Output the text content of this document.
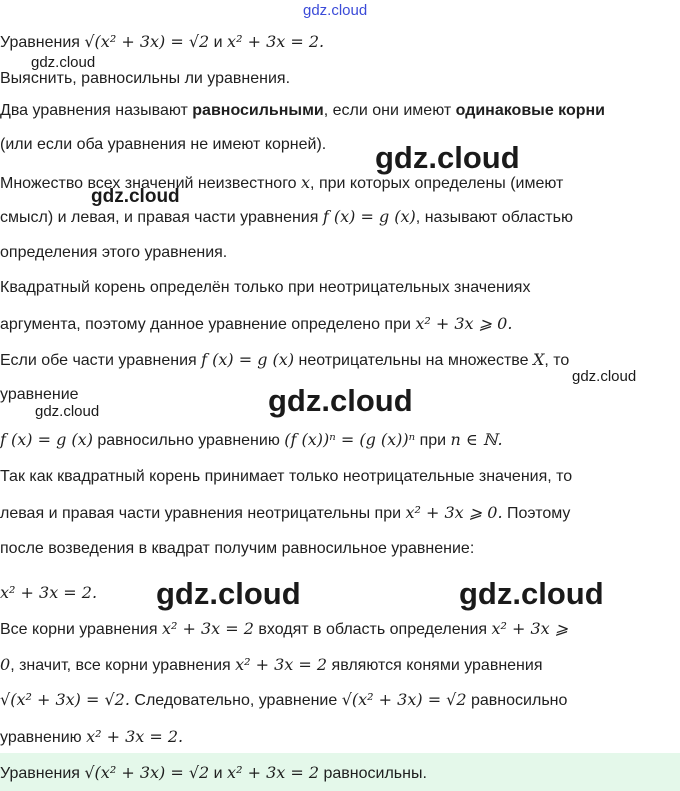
gdz.cloud
Уравнения √(x² + 3x) = √2 и x² + 3x = 2.
gdz.cloud
Выяснить, равносильны ли уравнения.
Два уравнения называют равносильными, если они имеют одинаковые корни
(или если оба уравнения не имеют корней). gdz.cloud
Множество всех значений неизвестного x, при которых определены (имеют
gdz.cloud
смысл) и левая, и правая части уравнения f (x) = g (x), называют областью
определения этого уравнения.
Квадратный корень определён только при неотрицательных значениях
аргумента, поэтому данное уравнение определено при x² + 3x ⩾ 0.
Если обе части уравнения f (x) = g (x) неотрицательны на множестве X, то
gdz.cloud
уравнение	gdz.cloud
gdz.cloud
f (x) = g (x) равносильно уравнению (f (x))ⁿ = (g (x))ⁿ при n ∈ ℕ.
Так как квадратный корень принимает только неотрицательные значения, то
левая и правая части уравнения неотрицательны при x² + 3x ⩾ 0. Поэтому
после возведения в квадрат получим равносильное уравнение:
x² + 3x = 2. gdz.cloud	gdz.cloud
Все корни уравнения x² + 3x = 2 входят в область определения x² + 3x ⩾
0, значит, все корни уравнения x² + 3x = 2 являются конями уравнения
√(x² + 3x) = √2. Следовательно, уравнение √(x² + 3x) = √2 равносильно
уравнению x² + 3x = 2.
Уравнения √(x² + 3x) = √2 и x² + 3x = 2 равносильны.
